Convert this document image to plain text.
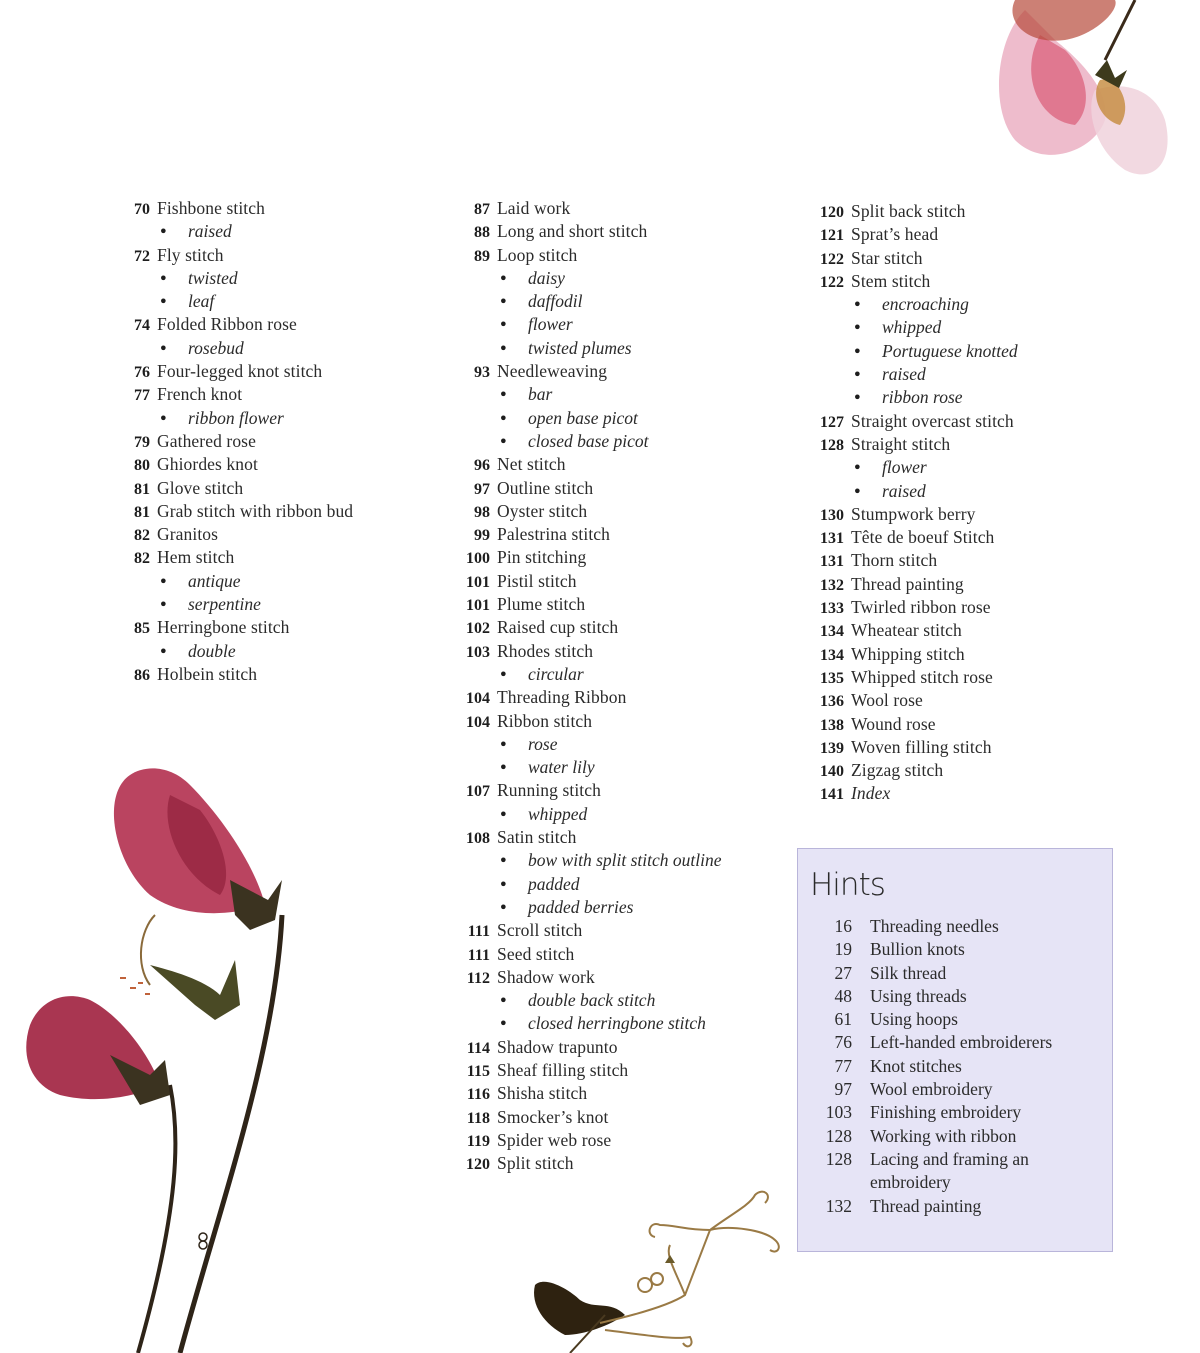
70 Fishbone stitch
• raised
72 Fly stitch
• twisted
• leaf
74 Folded Ribbon rose
• rosebud
76 Four-legged knot stitch
77 French knot
• ribbon flower
79 Gathered rose
80 Ghiordes knot
81 Glove stitch
81 Grab stitch with ribbon bud
82 Granitos
82 Hem stitch
• antique
• serpentine
85 Herringbone stitch
• double
86 Holbein stitch
87 Laid work
88 Long and short stitch
89 Loop stitch
• daisy
• daffodil
• flower
• twisted plumes
93 Needleweaving
• bar
• open base picot
• closed base picot
96 Net stitch
97 Outline stitch
98 Oyster stitch
99 Palestrina stitch
100 Pin stitching
101 Pistil stitch
101 Plume stitch
102 Raised cup stitch
103 Rhodes stitch
• circular
104 Threading Ribbon
104 Ribbon stitch
• rose
• water lily
107 Running stitch
• whipped
108 Satin stitch
• bow with split stitch outline
• padded
• padded berries
111 Scroll stitch
111 Seed stitch
112 Shadow work
• double back stitch
• closed herringbone stitch
114 Shadow trapunto
115 Sheaf filling stitch
116 Shisha stitch
118 Smocker’s knot
119 Spider web rose
120 Split stitch
120 Split back stitch
121 Sprat’s head
122 Star stitch
122 Stem stitch
• encroaching
• whipped
• Portuguese knotted
• raised
• ribbon rose
127 Straight overcast stitch
128 Straight stitch
• flower
• raised
130 Stumpwork berry
131 Tête de boeuf Stitch
131 Thorn stitch
132 Thread painting
133 Twirled ribbon rose
134 Wheatear stitch
134 Whipping stitch
135 Whipped stitch rose
136 Wool rose
138 Wound rose
139 Woven filling stitch
140 Zigzag stitch
141 Index
Hints
16 Threading needles
19 Bullion knots
27 Silk thread
48 Using threads
61 Using hoops
76 Left-handed embroiderers
77 Knot stitches
97 Wool embroidery
103 Finishing embroidery
128 Working with ribbon
128 Lacing and framing an embroidery
132 Thread painting
